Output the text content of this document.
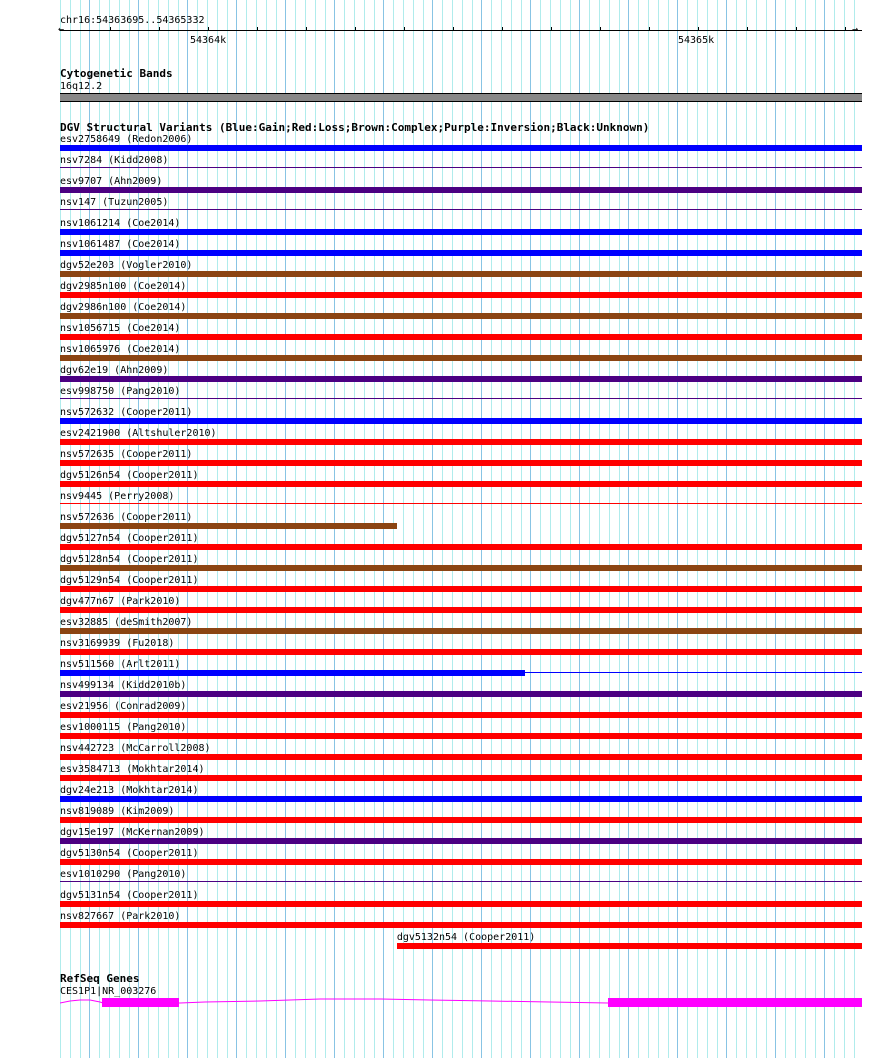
chr16:54363695..54365332
←	→
54364k	54365k
Cytogenetic Bands
16q12.2
DGV Structural Variants (Blue:Gain;Red:Loss;Brown:Complex;Purple:Inversion;Black:Unknown)
esv2758649 (Redon2006)
nsv7284 (Kidd2008)
esv9707 (Ahn2009)
nsv147 (Tuzun2005)
nsv1061214 (Coe2014)
nsv1061487 (Coe2014)
dgv52e203 (Vogler2010)
dgv2985n100 (Coe2014)
dgv2986n100 (Coe2014)
nsv1056715 (Coe2014)
nsv1065976 (Coe2014)
dgv62e19 (Ahn2009)
esv998750 (Pang2010)
nsv572632 (Cooper2011)
esv2421900 (Altshuler2010)
nsv572635 (Cooper2011)
dgv5126n54 (Cooper2011)
nsv9445 (Perry2008)
nsv572636 (Cooper2011)
dgv5127n54 (Cooper2011)
dgv5128n54 (Cooper2011)
dgv5129n54 (Cooper2011)
dgv477n67 (Park2010)
esv32885 (deSmith2007)
nsv3169939 (Fu2018)
nsv511560 (Arlt2011)
nsv499134 (Kidd2010b)
esv21956 (Conrad2009)
esv1000115 (Pang2010)
nsv442723 (McCarroll2008)
esv3584713 (Mokhtar2014)
dgv24e213 (Mokhtar2014)
nsv819089 (Kim2009)
dgv15e197 (McKernan2009)
dgv5130n54 (Cooper2011)
esv1010290 (Pang2010)
dgv5131n54 (Cooper2011)
nsv827667 (Park2010)
dgv5132n54 (Cooper2011)
RefSeq Genes
CES1P1|NR_003276
